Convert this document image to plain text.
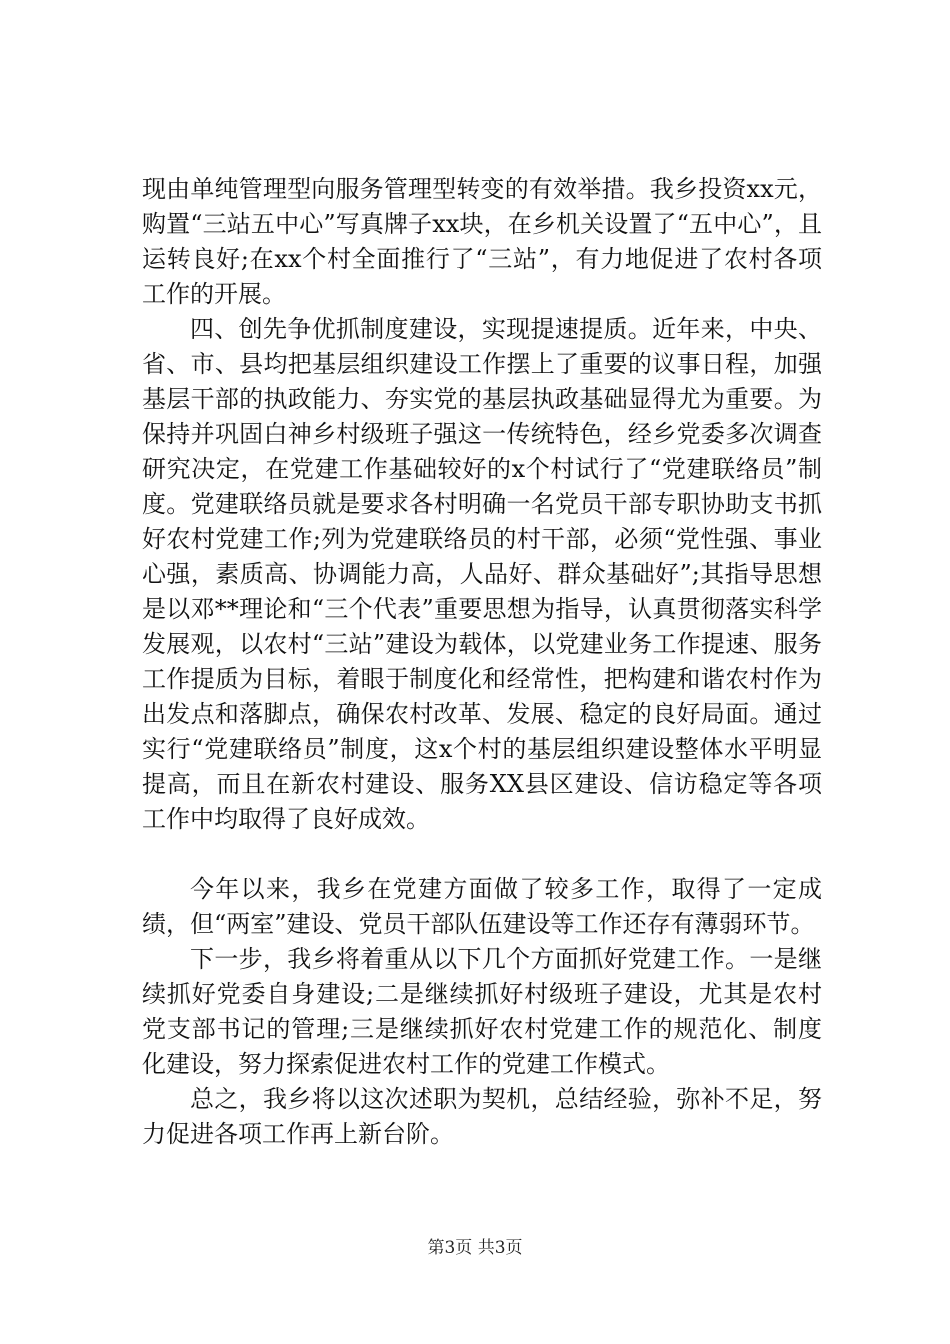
现由单纯管理型向服务管理型转变的有效举措。我乡投资xx元，购置“三站五中心”写真牌子xx块，在乡机关设置了“五中心”，且运转良好;在xx个村全面推行了“三站”，有力地促进了农村各项工作的开展。

四、创先争优抓制度建设，实现提速提质。近年来，中央、省、市、县均把基层组织建设工作摆上了重要的议事日程，加强基层干部的执政能力、夯实党的基层执政基础显得尤为重要。为保持并巩固白神乡村级班子强这一传统特色，经乡党委多次调查研究决定，在党建工作基础较好的x个村试行了“党建联络员”制度。党建联络员就是要求各村明确一名党员干部专职协助支书抓好农村党建工作;列为党建联络员的村干部，必须“党性强、事业心强，素质高、协调能力高，人品好、群众基础好”;其指导思想是以邓**理论和“三个代表”重要思想为指导，认真贯彻落实科学发展观，以农村“三站”建设为载体，以党建业务工作提速、服务工作提质为目标，着眼于制度化和经常性，把构建和谐农村作为出发点和落脚点，确保农村改革、发展、稳定的良好局面。通过实行“党建联络员”制度，这x个村的基层组织建设整体水平明显提高，而且在新农村建设、服务XX县区建设、信访稳定等各项工作中均取得了良好成效。

今年以来，我乡在党建方面做了较多工作，取得了一定成绩，但“两室”建设、党员干部队伍建设等工作还存有薄弱环节。

下一步，我乡将着重从以下几个方面抓好党建工作。一是继续抓好党委自身建设;二是继续抓好村级班子建设，尤其是农村党支部书记的管理;三是继续抓好农村党建工作的规范化、制度化建设，努力探索促进农村工作的党建工作模式。

总之，我乡将以这次述职为契机，总结经验，弥补不足，努力促进各项工作再上新台阶。

第3页 共3页
